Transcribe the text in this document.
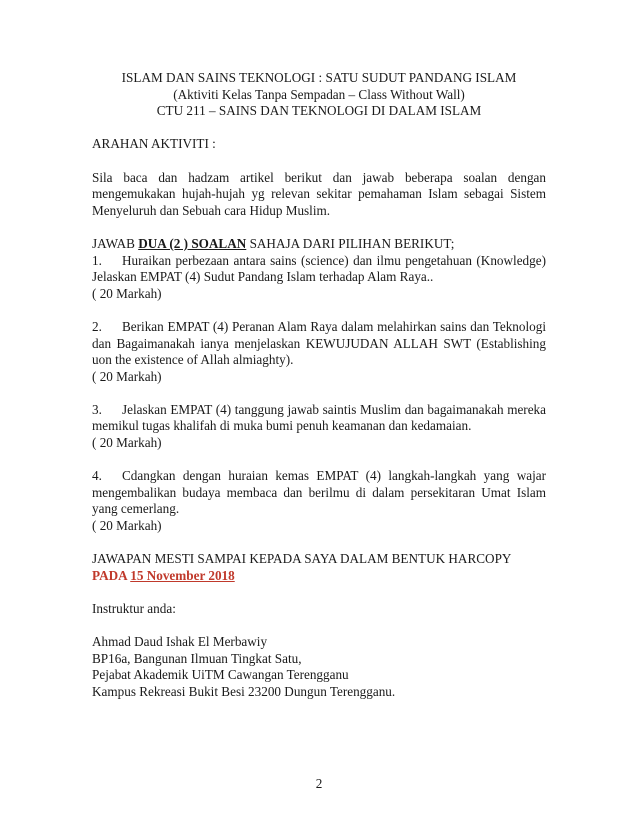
ISLAM DAN SAINS TEKNOLOGI : SATU SUDUT PANDANG ISLAM
(Aktiviti Kelas Tanpa Sempadan – Class Without Wall)
CTU 211 – SAINS DAN TEKNOLOGI DI DALAM ISLAM
ARAHAN AKTIVITI :
Sila baca dan hadzam artikel berikut dan jawab beberapa soalan dengan mengemukakan hujah-hujah yg relevan sekitar pemahaman Islam sebagai Sistem Menyeluruh dan Sebuah cara Hidup Muslim.
JAWAB DUA (2 ) SOALAN SAHAJA DARI PILIHAN BERIKUT;
1. Huraikan perbezaan antara sains (science) dan ilmu pengetahuan (Knowledge) Jelaskan EMPAT (4) Sudut Pandang Islam terhadap Alam Raya..
( 20 Markah)
2. Berikan EMPAT (4) Peranan Alam Raya dalam melahirkan sains dan Teknologi dan Bagaimanakah ianya menjelaskan KEWUJUDAN ALLAH SWT (Establishing uon the existence of Allah almiaghty).
( 20 Markah)
3. Jelaskan EMPAT (4) tanggung jawab saintis Muslim dan bagaimanakah mereka memikul tugas khalifah di muka bumi penuh keamanan dan kedamaian.
( 20 Markah)
4. Cdangkan dengan huraian kemas EMPAT (4) langkah-langkah yang wajar mengembalikan budaya membaca dan berilmu di dalam persekitaran Umat Islam yang cemerlang.
( 20 Markah)
JAWAPAN MESTI SAMPAI KEPADA SAYA DALAM BENTUK HARCOPY
PADA 15 November 2018
Instruktur anda:
Ahmad Daud Ishak El Merbawiy
BP16a, Bangunan Ilmuan Tingkat Satu,
Pejabat Akademik UiTM Cawangan Terengganu
Kampus Rekreasi Bukit Besi 23200 Dungun Terengganu.
2
